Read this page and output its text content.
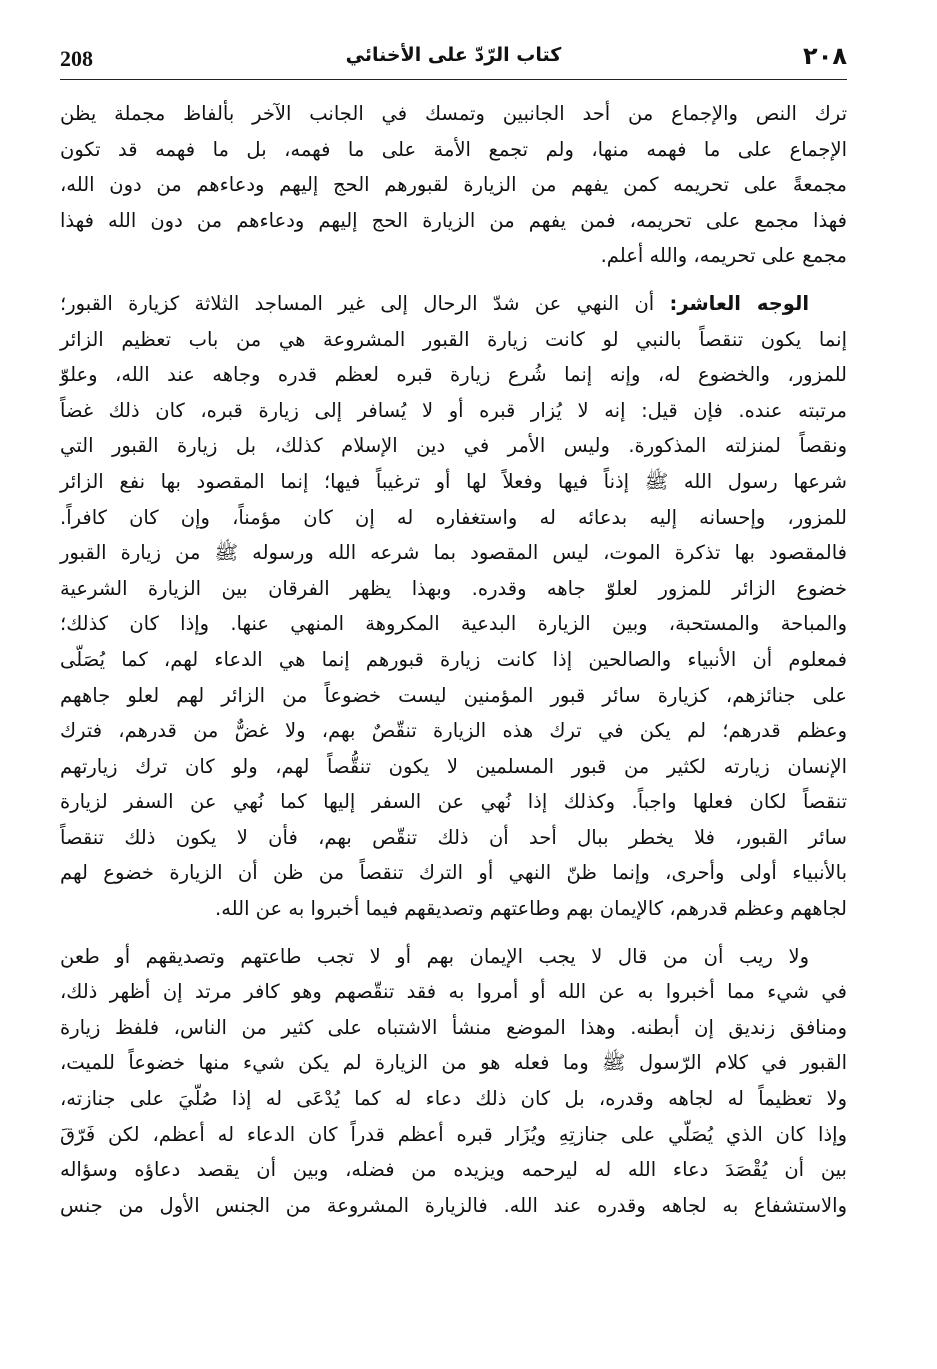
208	كتاب الرّدّ على الأخنائي	٢٠٨
ترك النص والإجماع من أحد الجانبين وتمسك في الجانب الآخر بألفاظ مجملة يظن
الإجماع على ما فهمه منها، ولم تجمع الأمة على ما فهمه، بل ما فهمه قد تكون
مجمعةً على تحريمه كمن يفهم من الزيارة لقبورهم الحج إليهم ودعاءهم من دون الله،
فهذا مجمع على تحريمه، فمن يفهم من الزيارة الحج إليهم ودعاءهم من دون الله فهذا
مجمع على تحريمه، والله أعلم.
الوجه العاشر: أن النهي عن شدّ الرحال إلى غير المساجد الثلاثة كزيارة القبور؛
إنما يكون تنقصاً بالنبي لو كانت زيارة القبور المشروعة هي من باب تعظيم الزائر
للمزور، والخضوع له، وإنه إنما شُرع زيارة قبره لعظم قدره وجاهه عند الله، وعلوّ
مرتبته عنده. فإن قيل: إنه لا يُزار قبره أو لا يُسافر إلى زيارة قبره، كان ذلك غضاً
ونقصاً لمنزلته المذكورة. وليس الأمر في دين الإسلام كذلك، بل زيارة القبور التي
شرعها رسول الله ﷺ إذناً فيها وفعلاً لها أو ترغيباً فيها؛ إنما المقصود بها نفع الزائر
للمزور، وإحسانه إليه بدعائه له واستغفاره له إن كان مؤمناً، وإن كان كافراً.
فالمقصود بها تذكرة الموت، ليس المقصود بما شرعه الله ورسوله ﷺ من زيارة القبور
خضوع الزائر للمزور لعلوّ جاهه وقدره. وبهذا يظهر الفرقان بين الزيارة الشرعية
والمباحة والمستحبة، وبين الزيارة البدعية المكروهة المنهي عنها. وإذا كان كذلك؛
فمعلوم أن الأنبياء والصالحين إذا كانت زيارة قبورهم إنما هي الدعاء لهم، كما يُصَلّى
على جنائزهم، كزيارة سائر قبور المؤمنين ليست خضوعاً من الزائر لهم لعلو جاههم
وعظم قدرهم؛ لم يكن في ترك هذه الزيارة تنقّصٌ بهم، ولا غضٌّ من قدرهم، فترك
الإنسان زيارته لكثير من قبور المسلمين لا يكون تنقُّصاً لهم، ولو كان ترك زيارتهم
تنقصاً لكان فعلها واجباً. وكذلك إذا نُهي عن السفر إليها كما نُهي عن السفر لزيارة
سائر القبور، فلا يخطر ببال أحد أن ذلك تنقّص بهم، فأن لا يكون ذلك تنقصاً
بالأنبياء أولى وأحرى، وإنما ظنّ النهي أو الترك تنقصاً من ظن أن الزيارة خضوع لهم
لجاههم وعظم قدرهم، كالإيمان بهم وطاعتهم وتصديقهم فيما أخبروا به عن الله.
ولا ريب أن من قال لا يجب الإيمان بهم أو لا تجب طاعتهم وتصديقهم أو طعن
في شيء مما أخبروا به عن الله أو أمروا به فقد تنقّصهم وهو كافر مرتد إن أظهر ذلك،
ومنافق زنديق إن أبطنه. وهذا الموضع منشأ الاشتباه على كثير من الناس، فلفظ زيارة
القبور في كلام الرّسول ﷺ وما فعله هو من الزيارة لم يكن شيء منها خضوعاً للميت،
ولا تعظيماً له لجاهه وقدره، بل كان ذلك دعاء له كما يُدْعَى له إذا صُلّيَ على جنازته،
وإذا كان الذي يُصَلّي على جنازتِهِ ويُزَار قبره أعظم قدراً كان الدعاء له أعظم، لكن فَرّقَ
بين أن يُقْصَدَ دعاء الله له ليرحمه ويزيده من فضله، وبين أن يقصد دعاؤه وسؤاله
والاستشفاع به لجاهه وقدره عند الله. فالزيارة المشروعة من الجنس الأول من جنس
